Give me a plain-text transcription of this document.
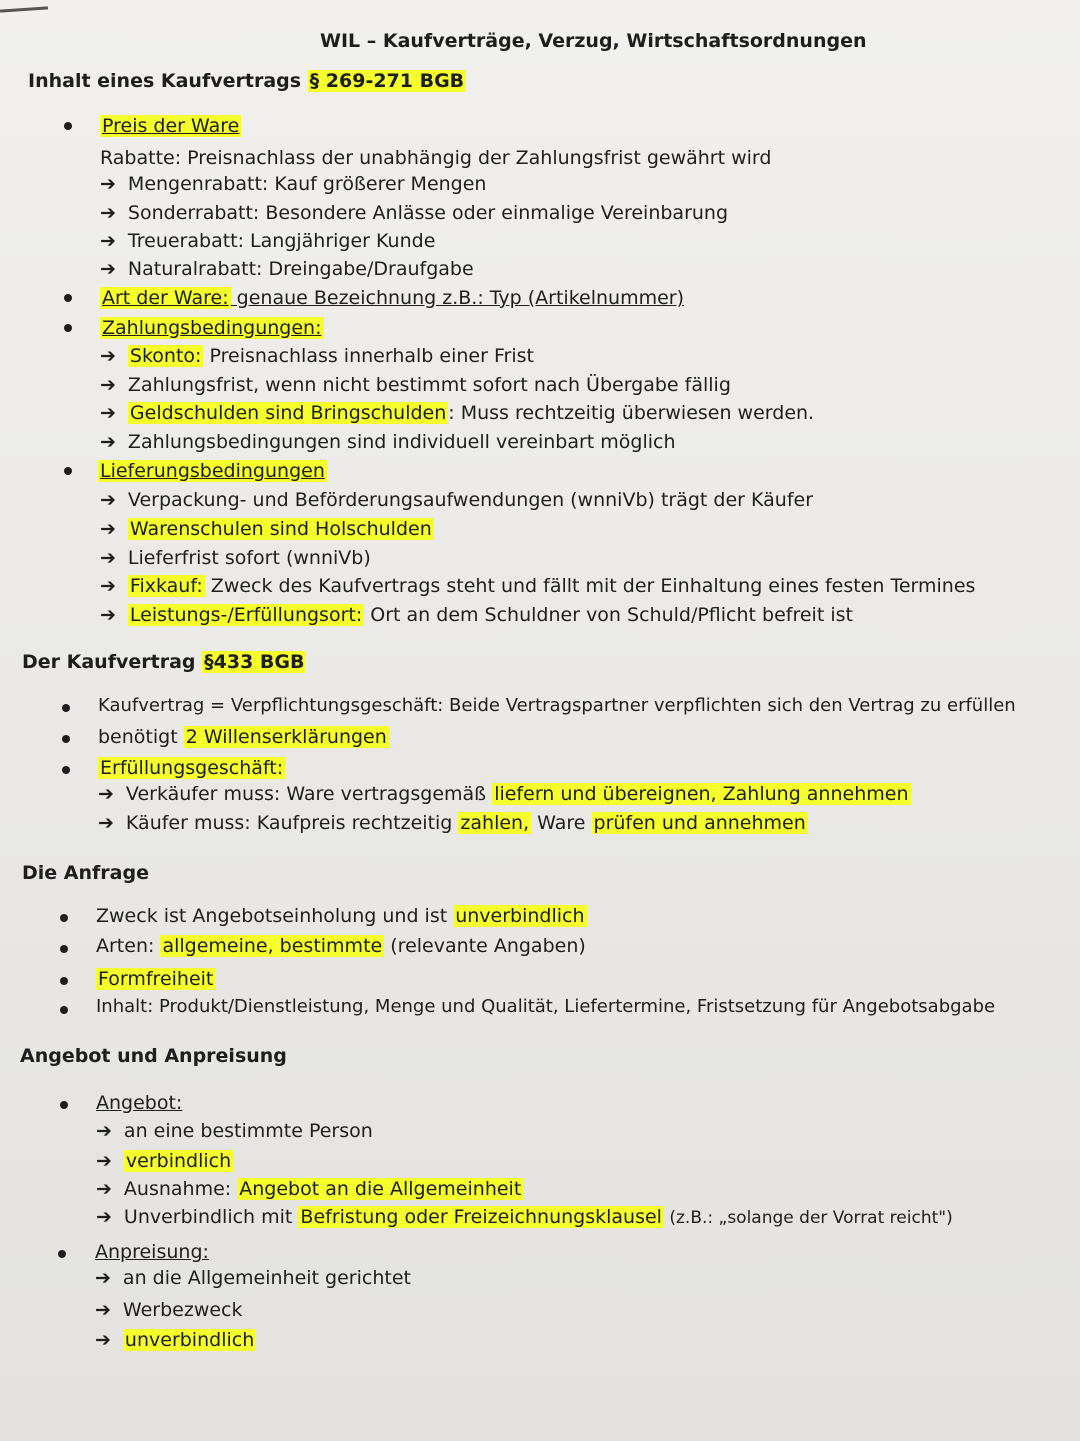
WIL – Kaufverträge, Verzug, Wirtschaftsordnungen
Inhalt eines Kaufvertrags § 269-271 BGB
Preis der Ware
Rabatte: Preisnachlass der unabhängig der Zahlungsfrist gewährt wird
➔ Mengenrabatt: Kauf größerer Mengen
➔ Sonderrabatt: Besondere Anlässe oder einmalige Vereinbarung
➔ Treuerabatt: Langjähriger Kunde
➔ Naturalrabatt: Dreingabe/Draufgabe
Art der Ware: genaue Bezeichnung z.B.: Typ (Artikelnummer)
Zahlungsbedingungen:
➔ Skonto: Preisnachlass innerhalb einer Frist
➔ Zahlungsfrist, wenn nicht bestimmt sofort nach Übergabe fällig
➔ Geldschulden sind Bringschulden : Muss rechtzeitig überwiesen werden.
➔ Zahlungsbedingungen sind individuell vereinbart möglich
Lieferungsbedingungen
➔ Verpackung- und Beförderungsaufwendungen (wnniVb) trägt der Käufer
➔ Warenschulen sind Holschulden
➔ Lieferfrist sofort (wnniVb)
➔ Fixkauf: Zweck des Kaufvertrags steht und fällt mit der Einhaltung eines festen Termines
➔ Leistungs-/Erfüllungsort: Ort an dem Schuldner von Schuld/Pflicht befreit ist
Der Kaufvertrag §433 BGB
Kaufvertrag = Verpflichtungsgeschäft: Beide Vertragspartner verpflichten sich den Vertrag zu erfüllen
benötigt 2 Willenserklärungen
Erfüllungsgeschäft:
➔ Verkäufer muss: Ware vertragsgemäß liefern und übereignen, Zahlung annehmen
➔ Käufer muss: Kaufpreis rechtzeitig zahlen, Ware prüfen und annehmen
Die Anfrage
Zweck ist Angebotseinholung und ist unverbindlich
Arten: allgemeine, bestimmte (relevante Angaben)
Formfreiheit
Inhalt: Produkt/Dienstleistung, Menge und Qualität, Liefertermine, Fristsetzung für Angebotsabgabe
Angebot und Anpreisung
Angebot:
➔ an eine bestimmte Person
➔ verbindlich
➔ Ausnahme: Angebot an die Allgemeinheit
➔ Unverbindlich mit Befristung oder Freizeichnungsklausel (z.B.: „solange der Vorrat reicht")
Anpreisung:
➔ an die Allgemeinheit gerichtet
➔ Werbezweck
➔ unverbindlich
